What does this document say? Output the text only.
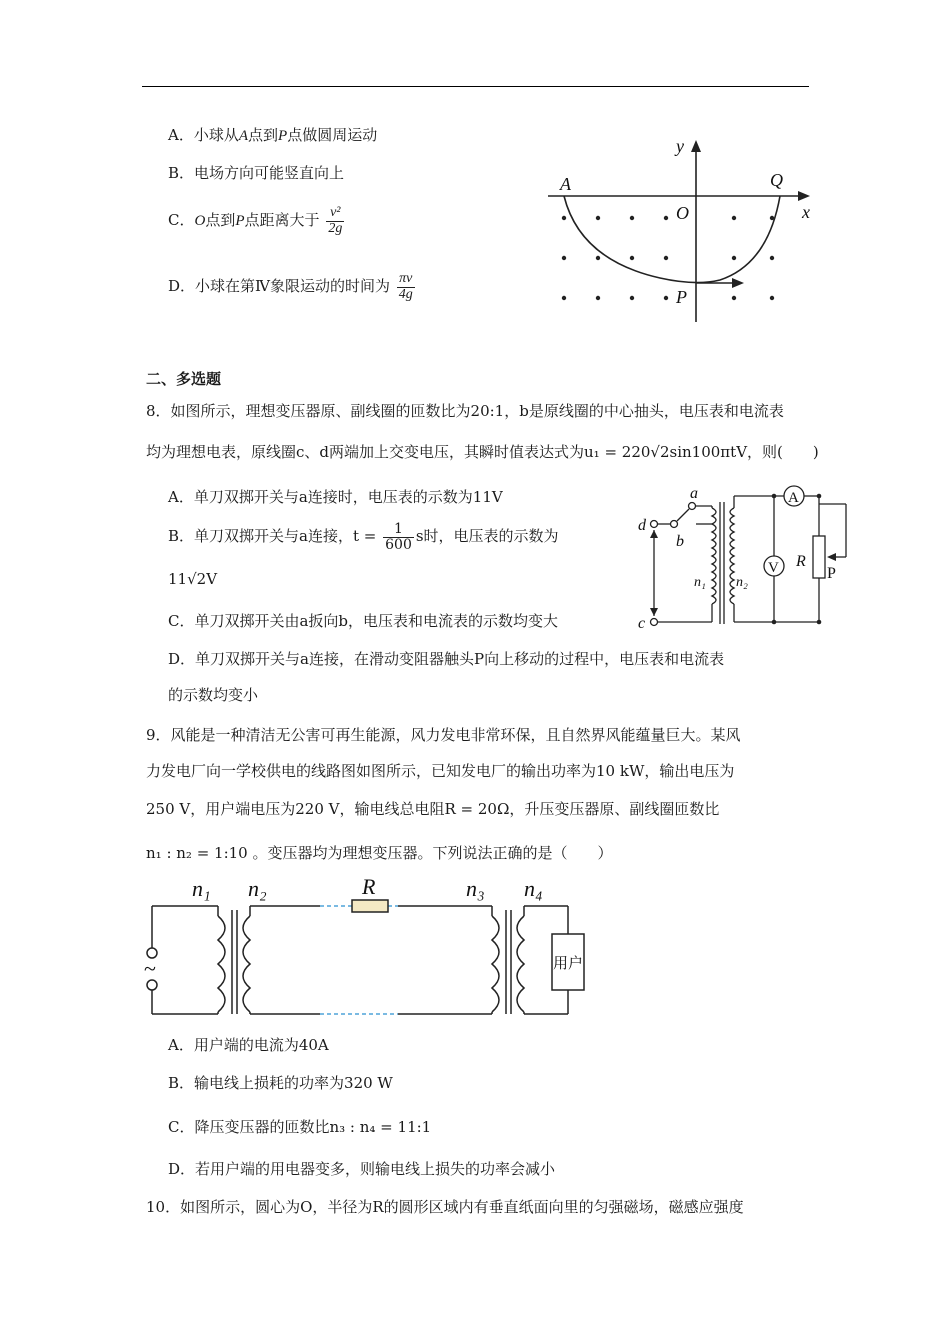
A．小球从A点到P点做圆周运动
B．电场方向可能竖直向上
C．O点到P点距离大于 $\frac{\text{v²}}{2g}$
D．小球在第Ⅳ象限运动的时间为 $\frac{\pi v}{4g}$
y
x
A	Q
O
P
二、多选题
8．如图所示，理想变压器原、副线圈的匝数比为20:1，b是原线圈的中心抽头，电压表和电流表
均为理想电表，原线圈c、d两端加上交变电压，其瞬时值表达式为u₁ = 220√2sin100πtV，则(　　)
A．单刀双掷开关与a连接时，电压表的示数为11V
B．单刀双掷开关与a连接，$t = \frac{1}{600}$ s时，电压表的示数为
11√2V
C．单刀双掷开关由a扳向b，电压表和电流表的示数均变大
D．单刀双掷开关与a连接，在滑动变阻器触头P向上移动的过程中，电压表和电流表
的示数均变小
a
b
d
c
n₁ n₂
R
P
A
V
9．风能是一种清洁无公害可再生能源，风力发电非常环保，且自然界风能蕴量巨大。某风
力发电厂向一学校供电的线路图如图所示，已知发电厂的输出功率为10 kW，输出电压为
250 V，用户端电压为220 V，输电线总电阻R = 20Ω，升压变压器原、副线圈匝数比
n₁ : n₂ = 1:10 。变压器均为理想变压器。下列说法正确的是（　　）
n₁ n₂	R	n₃ n₄
~	用户
A．用户端的电流为40A
B．输电线上损耗的功率为320 W
C．降压变压器的匝数比n₃ : n₄ = 11:1
D．若用户端的用电器变多，则输电线上损失的功率会减小
10．如图所示，圆心为O，半径为R的圆形区域内有垂直纸面向里的匀强磁场，磁感应强度
